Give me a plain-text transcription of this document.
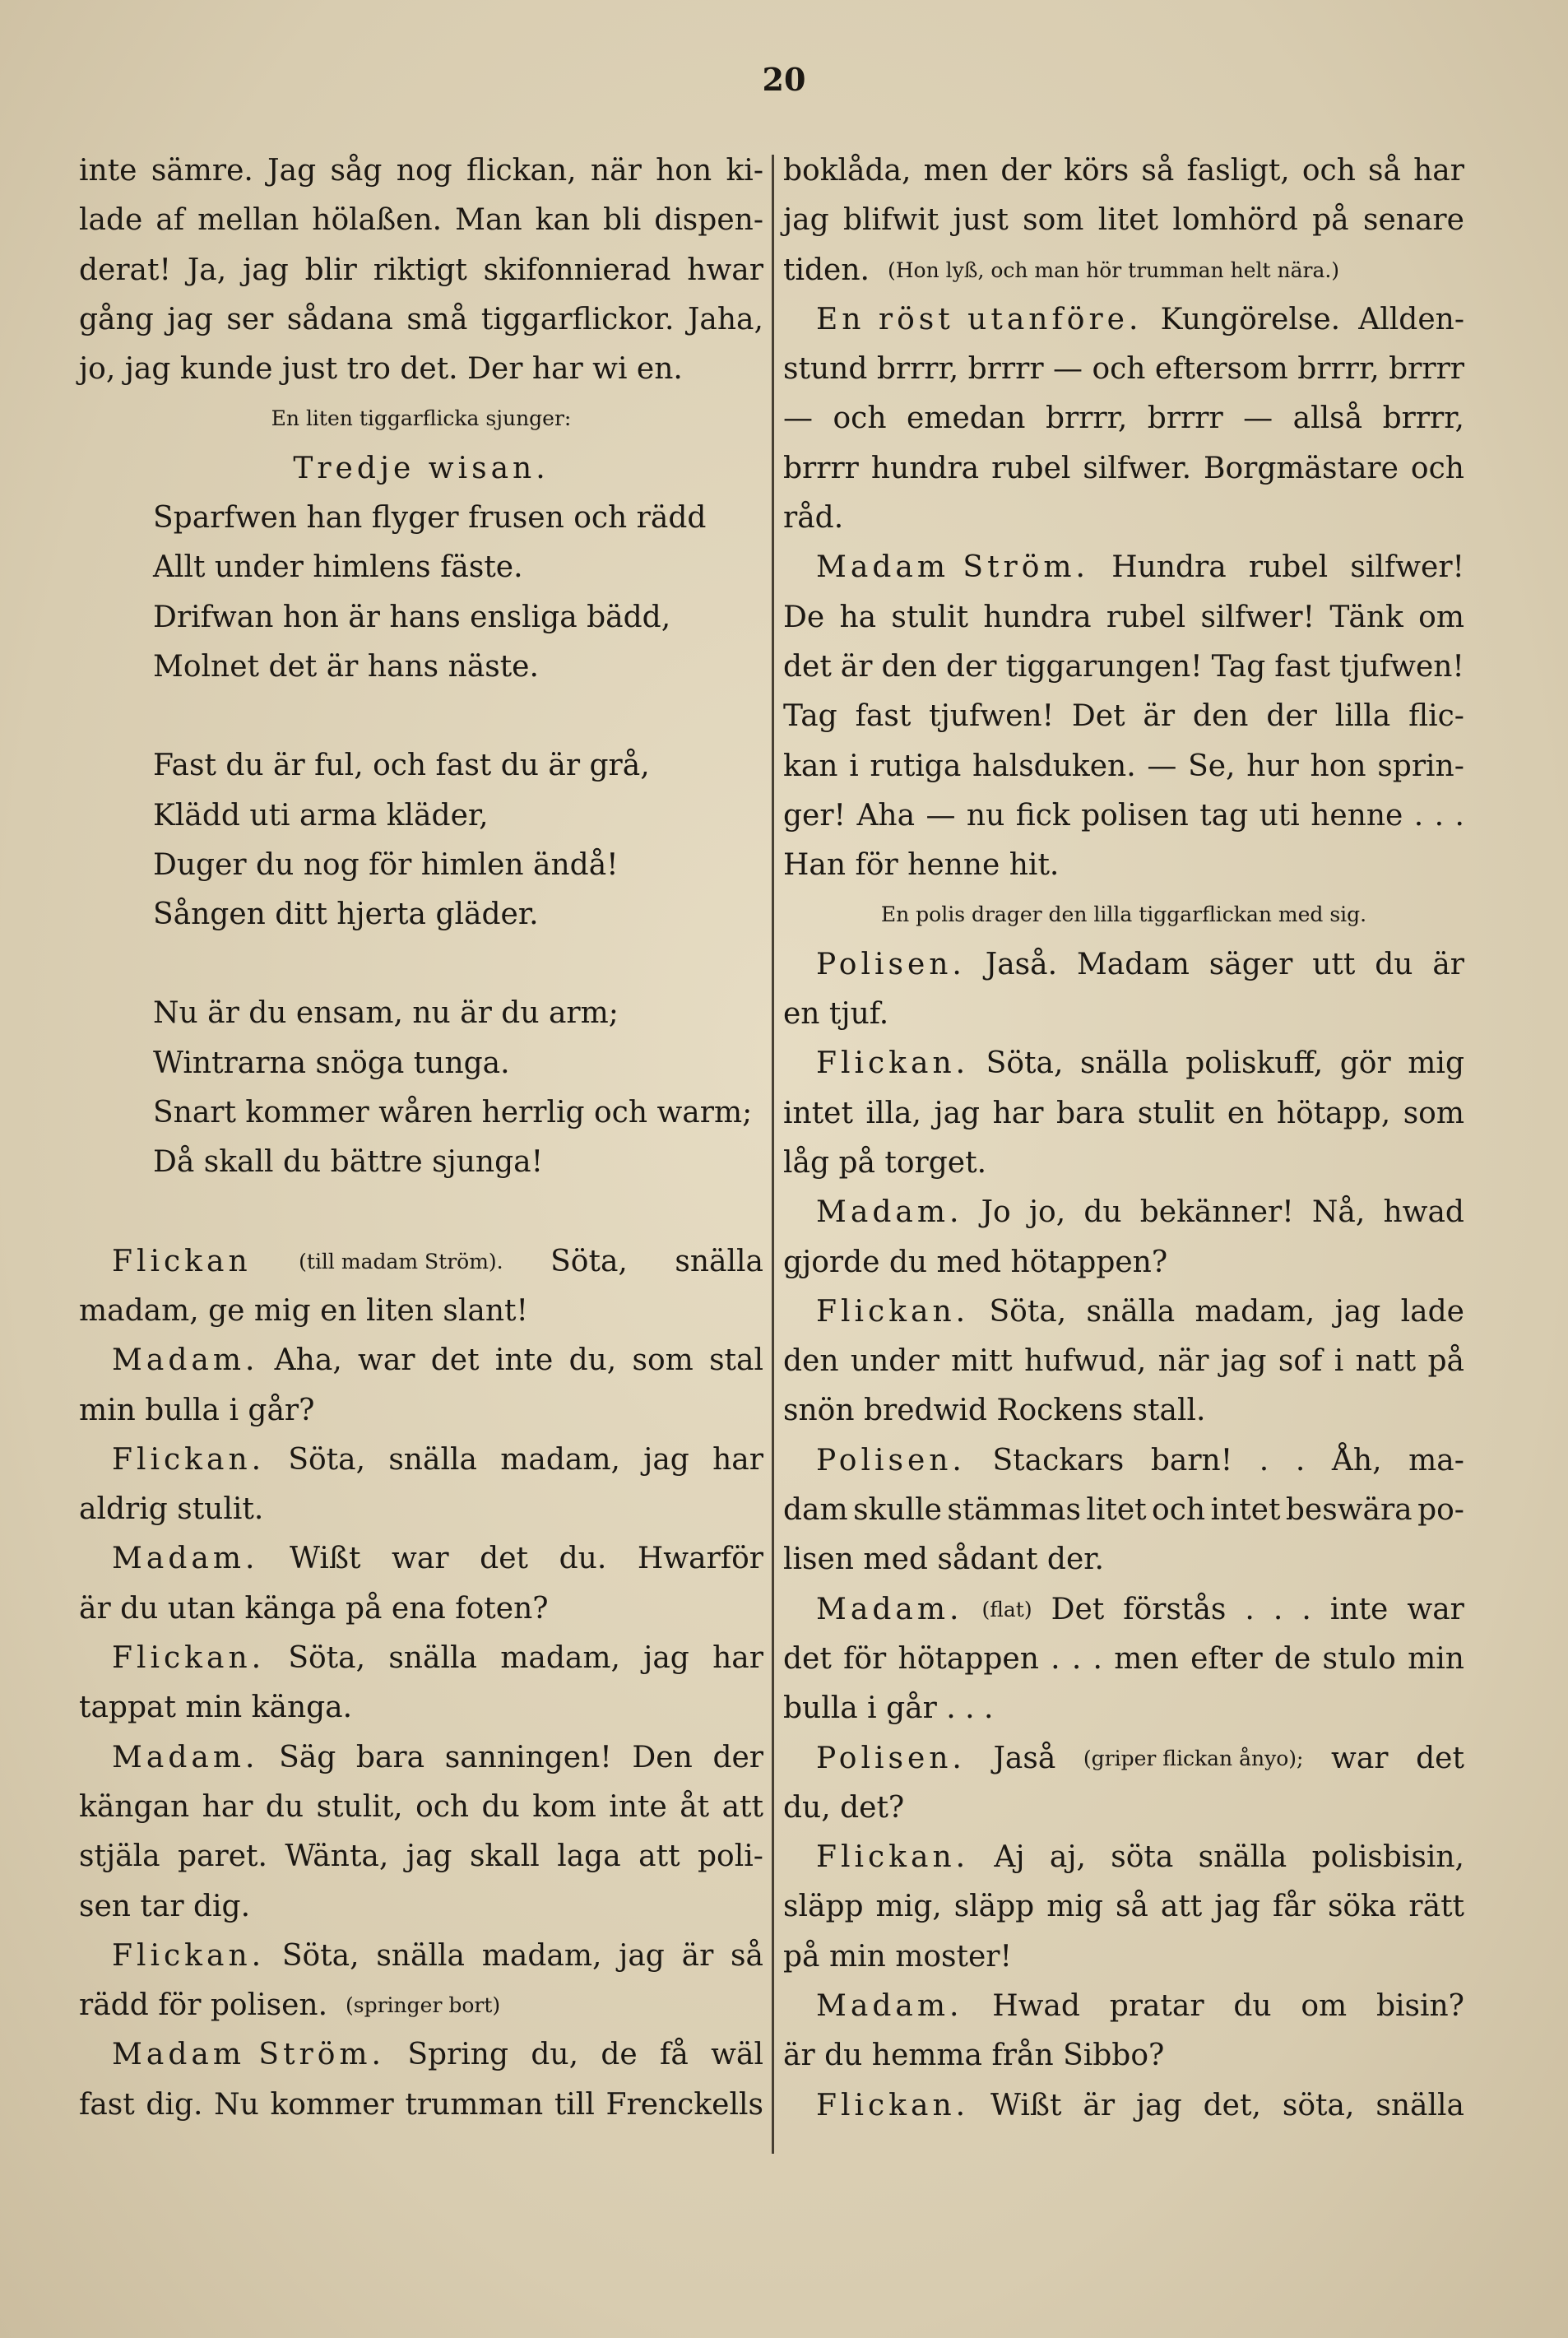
20
inte sämre. Jag såg nog flickan, när hon ki-
lade af mellan hölaßen. Man kan bli dispen-
derat! Ja, jag blir riktigt skifonnierad hwar
gång jag ser sådana små tiggarflickor. Jaha,
jo, jag kunde just tro det. Der har wi en.
En liten tiggarflicka sjunger:
Tredje wisan.
Sparfwen han flyger frusen och rädd
Allt under himlens fäste.
Drifwan hon är hans ensliga bädd,
Molnet det är hans näste.
Fast du är ful, och fast du är grå,
Klädd uti arma kläder,
Duger du nog för himlen ändå!
Sången ditt hjerta gläder.
Nu är du ensam, nu är du arm;
Wintrarna snöga tunga.
Snart kommer wåren herrlig och warm;
Då skall du bättre sjunga!
Flickan (till madam Ström). Söta, snälla
madam, ge mig en liten slant!
Madam. Aha, war det inte du, som stal
min bulla i går?
Flickan. Söta, snälla madam, jag har
aldrig stulit.
Madam. Wißt war det du. Hwarför
är du utan känga på ena foten?
Flickan. Söta, snälla madam, jag har
tappat min känga.
Madam. Säg bara sanningen! Den der
kängan har du stulit, och du kom inte åt att
stjäla paret. Wänta, jag skall laga att poli-
sen tar dig.
Flickan. Söta, snälla madam, jag är så
rädd för polisen. (springer bort)
Madam Ström. Spring du, de få wäl
fast dig. Nu kommer trumman till Frenckells
boklåda, men der körs så fasligt, och så har
jag blifwit just som litet lomhörd på senare
tiden. (Hon lyß, och man hör trumman helt nära.)
En röst utanföre. Kungörelse. Allden-
stund brrrr, brrrr — och eftersom brrrr, brrrr
— och emedan brrrr, brrrr — allså brrrr,
brrrr hundra rubel silfwer. Borgmästare och
råd.
Madam Ström. Hundra rubel silfwer!
De ha stulit hundra rubel silfwer! Tänk om
det är den der tiggarungen! Tag fast tjufwen!
Tag fast tjufwen! Det är den der lilla flic-
kan i rutiga halsduken. — Se, hur hon sprin-
ger! Aha — nu fick polisen tag uti henne . . .
Han för henne hit.
En polis drager den lilla tiggarflickan med sig.
Polisen. Jaså. Madam säger utt du är
en tjuf.
Flickan. Söta, snälla poliskuff, gör mig
intet illa, jag har bara stulit en hötapp, som
låg på torget.
Madam. Jo jo, du bekänner! Nå, hwad
gjorde du med hötappen?
Flickan. Söta, snälla madam, jag lade
den under mitt hufwud, när jag sof i natt på
snön bredwid Rockens stall.
Polisen. Stackars barn! . . Åh, ma-
dam skulle stämmas litet och intet beswära po-
lisen med sådant der.
Madam. (flat) Det förstås . . . inte war
det för hötappen . . . men efter de stulo min
bulla i går . . .
Polisen. Jaså (griper flickan ånyo); war det
du, det?
Flickan. Aj aj, söta snälla polisbisin,
släpp mig, släpp mig så att jag får söka rätt
på min moster!
Madam. Hwad pratar du om bisin?
är du hemma från Sibbo?
Flickan. Wißt är jag det, söta, snälla
